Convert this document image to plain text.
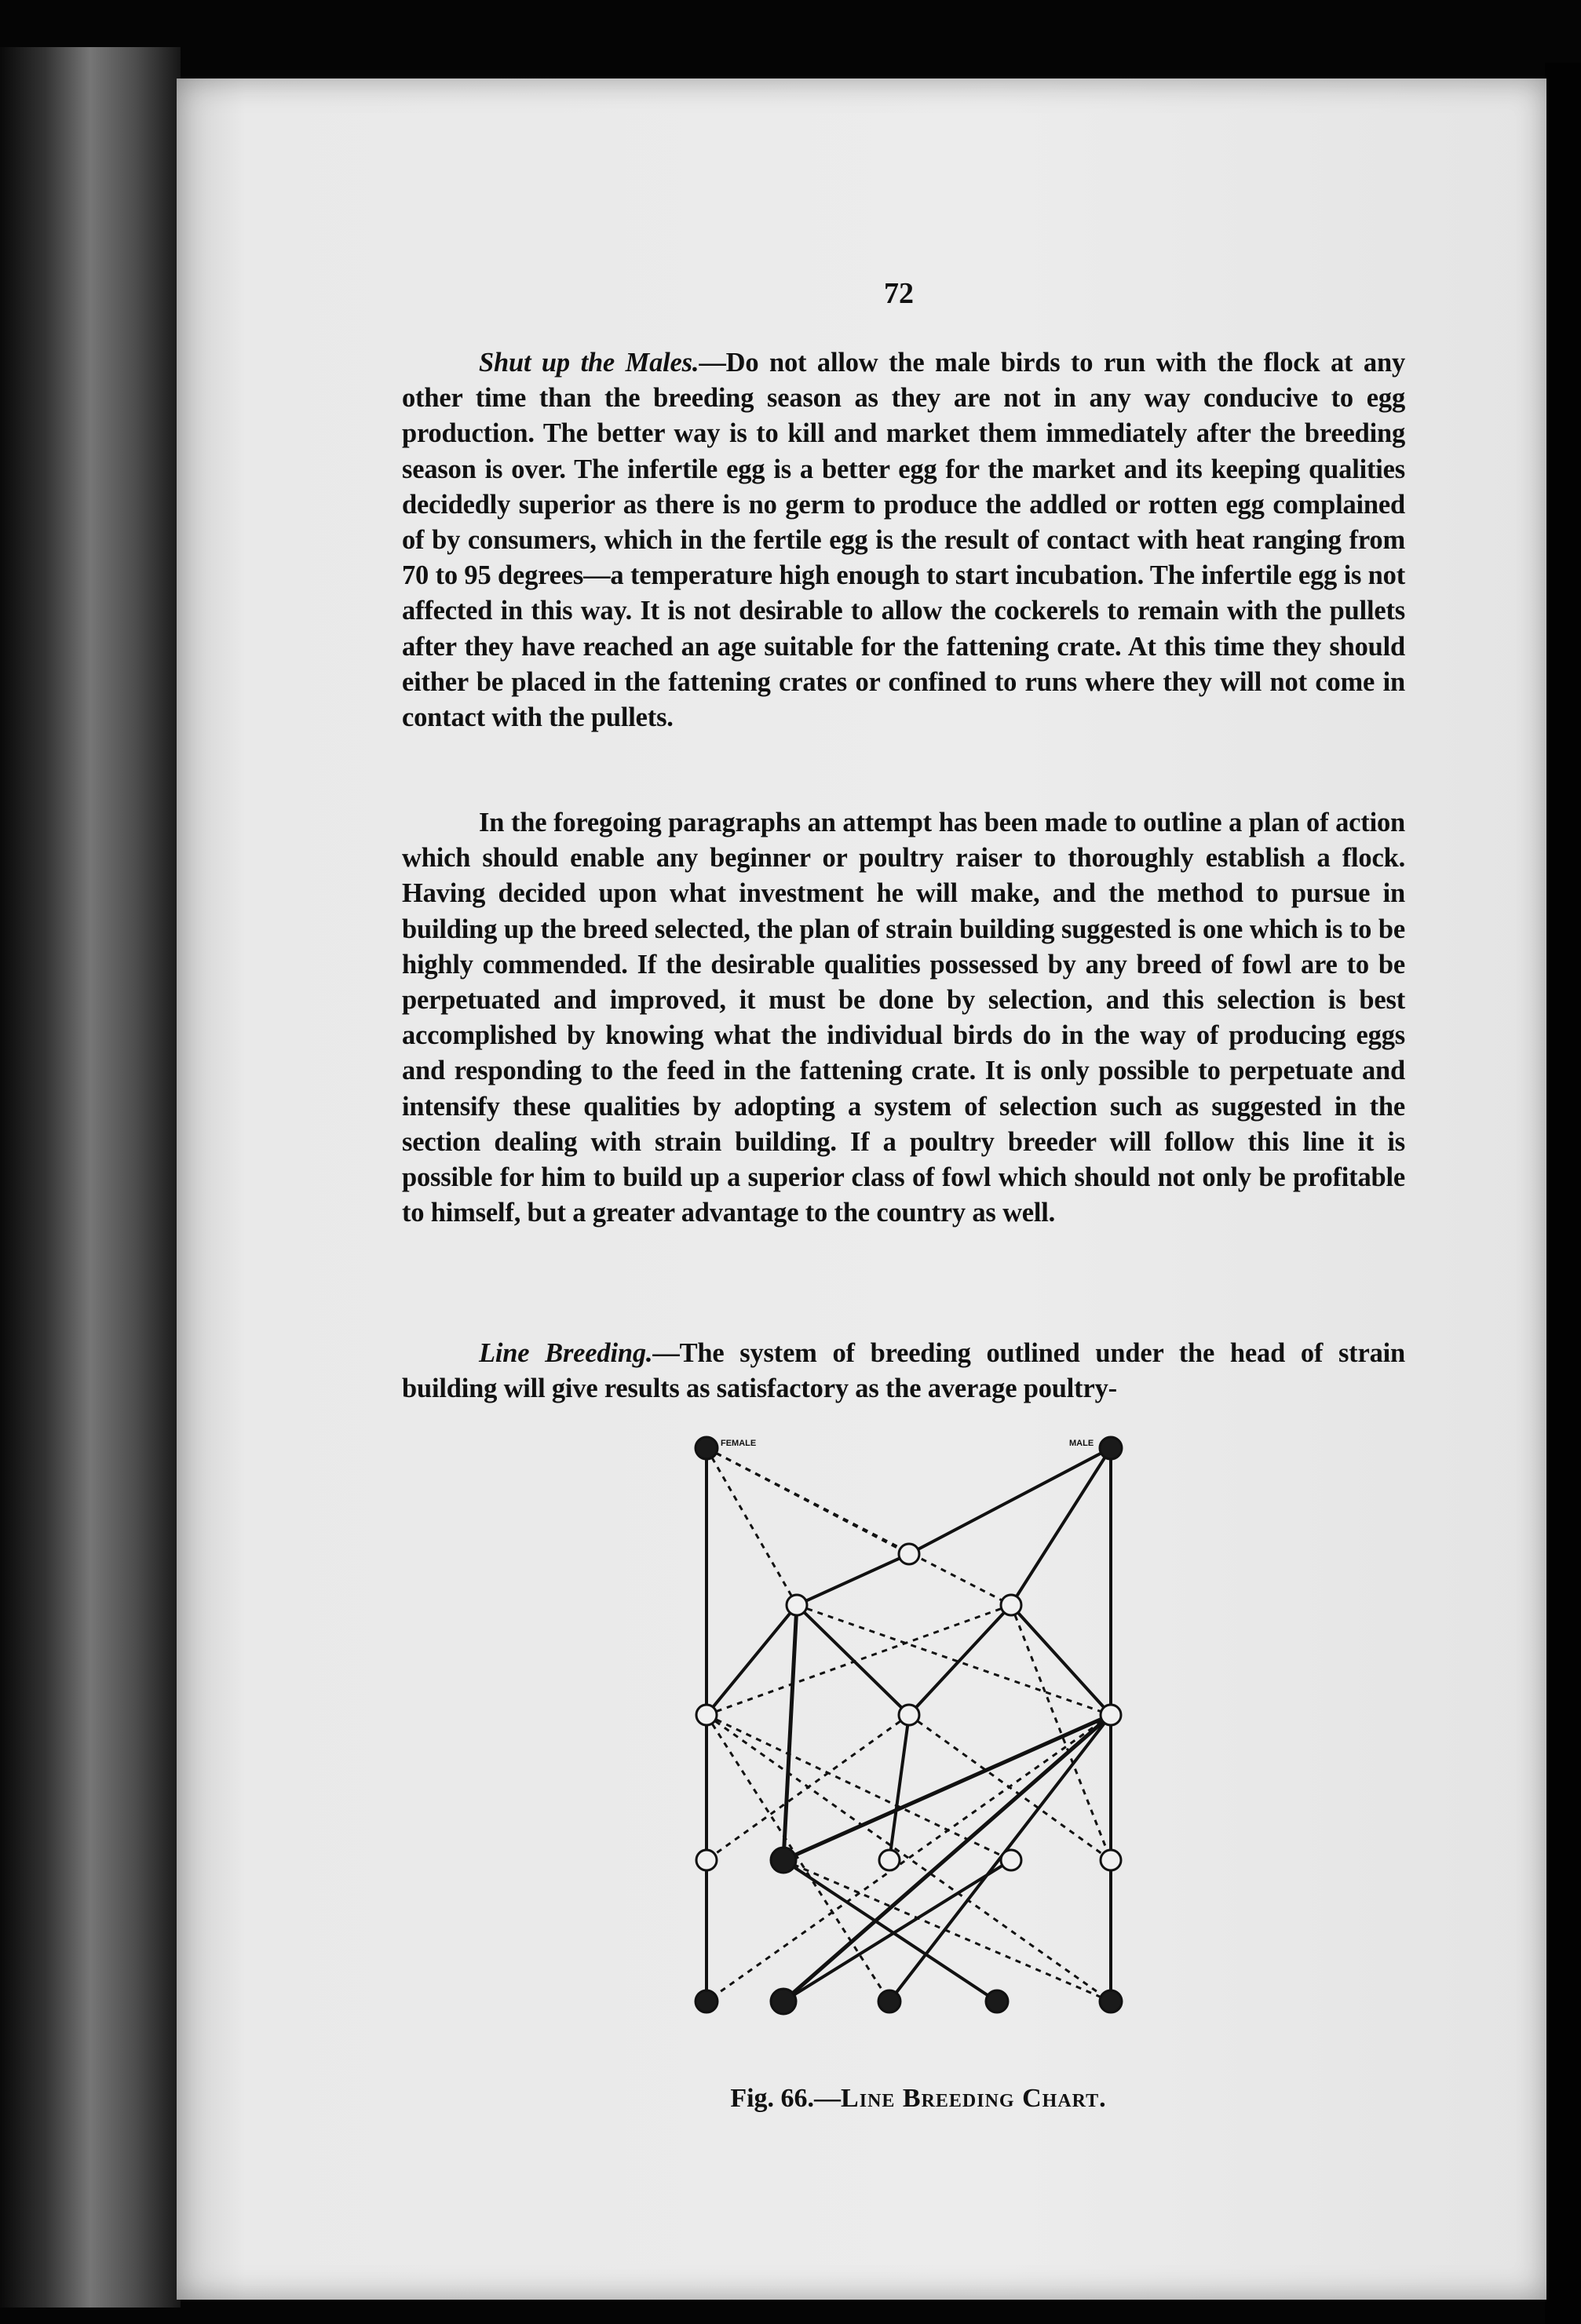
72

Shut up the Males.—Do not allow the male birds to run with the flock at any other time than the breeding season as they are not in any way conducive to egg production. The better way is to kill and market them immediately after the breeding season is over. The infertile egg is a better egg for the market and its keeping qualities decidedly superior as there is no germ to produce the addled or rotten egg complained of by consumers, which in the fertile egg is the result of contact with heat ranging from 70 to 95 degrees—a temperature high enough to start incubation. The infertile egg is not affected in this way. It is not desirable to allow the cockerels to remain with the pullets after they have reached an age suitable for the fattening crate. At this time they should either be placed in the fattening crates or confined to runs where they will not come in contact with the pullets.

In the foregoing paragraphs an attempt has been made to outline a plan of action which should enable any beginner or poultry raiser to thoroughly establish a flock. Having decided upon what investment he will make, and the method to pursue in building up the breed selected, the plan of strain building suggested is one which is to be highly commended. If the desirable qualities possessed by any breed of fowl are to be perpetuated and improved, it must be done by selection, and this selection is best accomplished by knowing what the individual birds do in the way of producing eggs and responding to the feed in the fattening crate. It is only possible to perpetuate and intensify these qualities by adopting a system of selection such as suggested in the section dealing with strain building. If a poultry breeder will follow this line it is possible for him to build up a superior class of fowl which should not only be profitable to himself, but a greater advantage to the country as well.

Line Breeding.—The system of breeding outlined under the head of strain building will give results as satisfactory as the average poultry-

FEMALE	MALE
Fig. 66.—Line Breeding Chart.
